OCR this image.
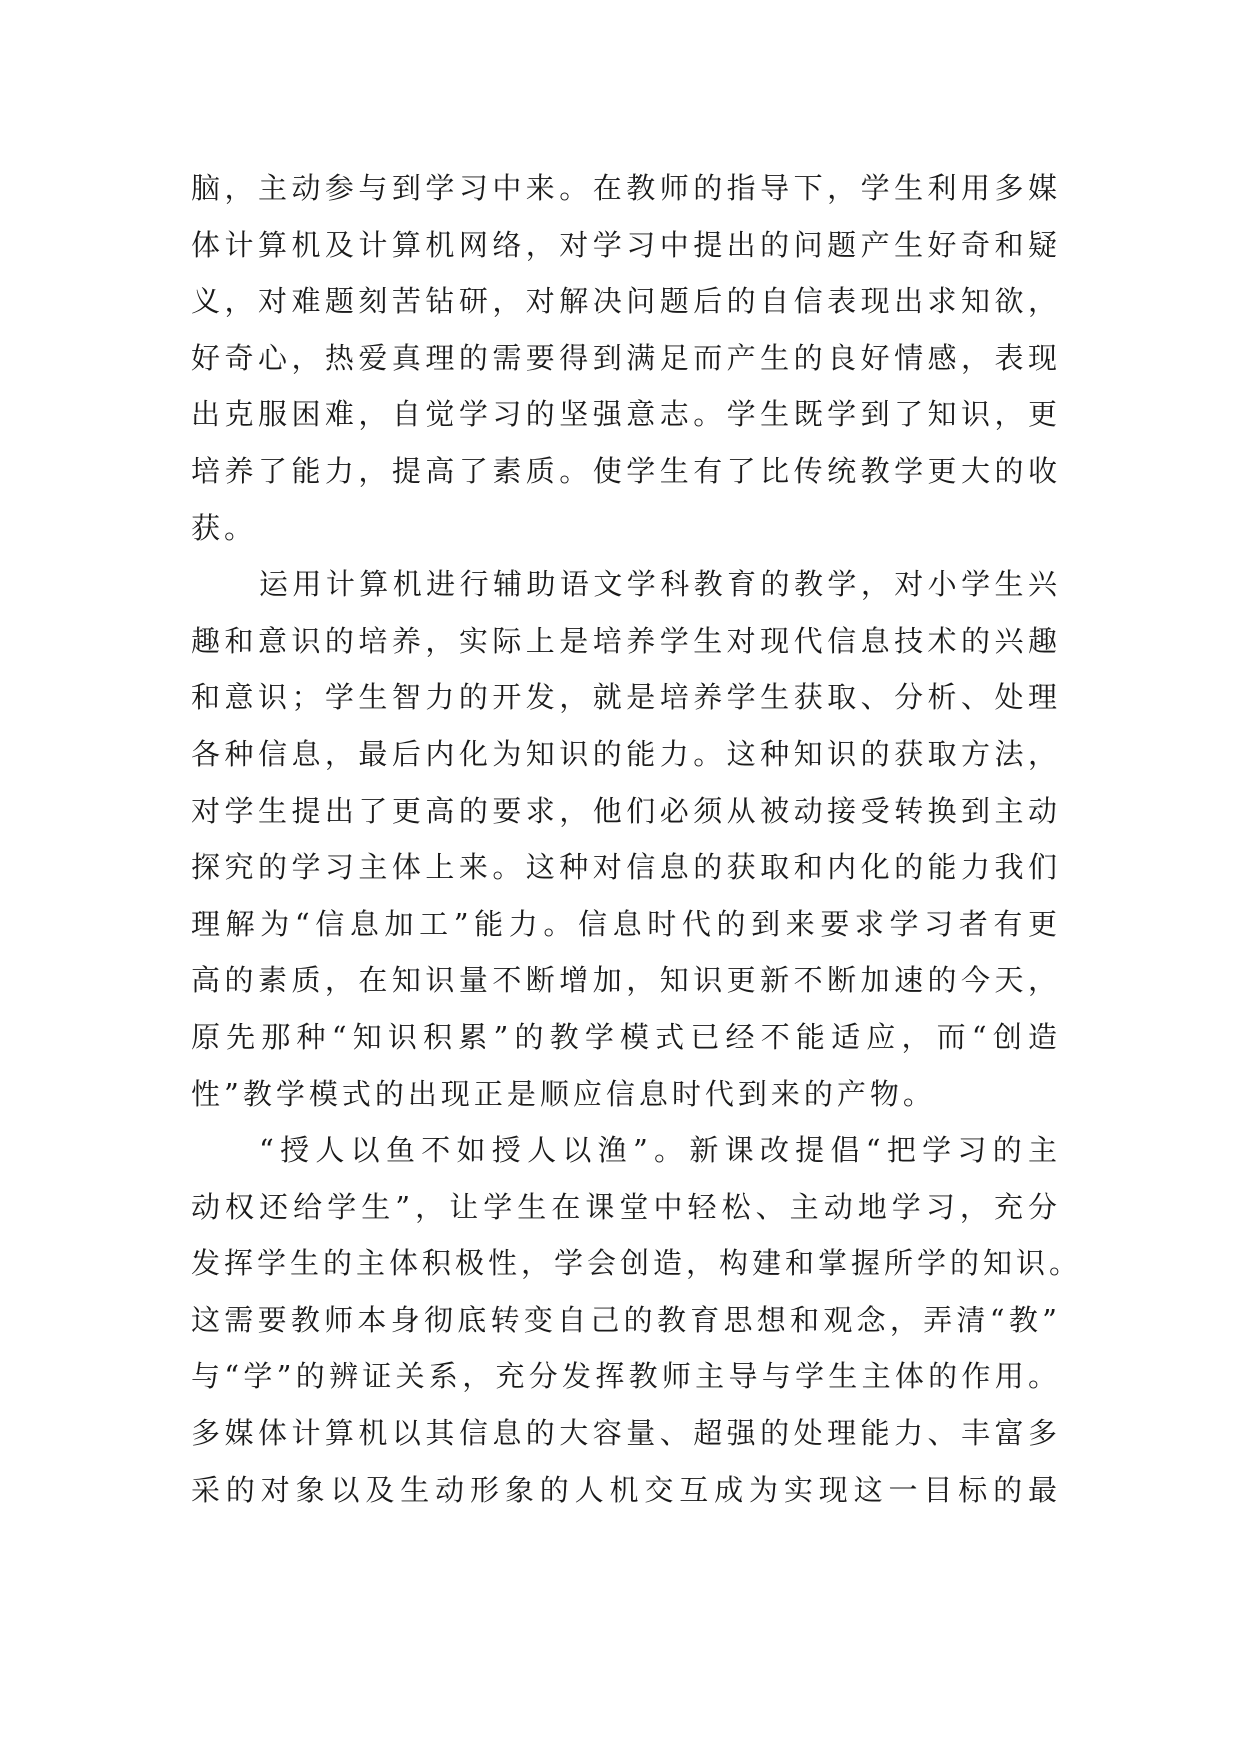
脑，主动参与到学习中来。在教师的指导下，学生利用多媒
体计算机及计算机网络，对学习中提出的问题产生好奇和疑
义，对难题刻苦钻研，对解决问题后的自信表现出求知欲，
好奇心，热爱真理的需要得到满足而产生的良好情感，表现
出克服困难，自觉学习的坚强意志。学生既学到了知识，更
培养了能力，提高了素质。使学生有了比传统教学更大的收
获。
运用计算机进行辅助语文学科教育的教学，对小学生兴
趣和意识的培养，实际上是培养学生对现代信息技术的兴趣
和意识；学生智力的开发，就是培养学生获取、分析、处理
各种信息，最后内化为知识的能力。这种知识的获取方法，
对学生提出了更高的要求，他们必须从被动接受转换到主动
探究的学习主体上来。这种对信息的获取和内化的能力我们
理解为“信息加工”能力。信息时代的到来要求学习者有更
高的素质，在知识量不断增加，知识更新不断加速的今天，
原先那种“知识积累”的教学模式已经不能适应，而“创造
性”教学模式的出现正是顺应信息时代到来的产物。
“授人以鱼不如授人以渔”。新课改提倡“把学习的主
动权还给学生”，让学生在课堂中轻松、主动地学习，充分
发挥学生的主体积极性，学会创造，构建和掌握所学的知识。
这需要教师本身彻底转变自己的教育思想和观念，弄清“教”
与“学”的辨证关系，充分发挥教师主导与学生主体的作用。
多媒体计算机以其信息的大容量、超强的处理能力、丰富多
采的对象以及生动形象的人机交互成为实现这一目标的最
